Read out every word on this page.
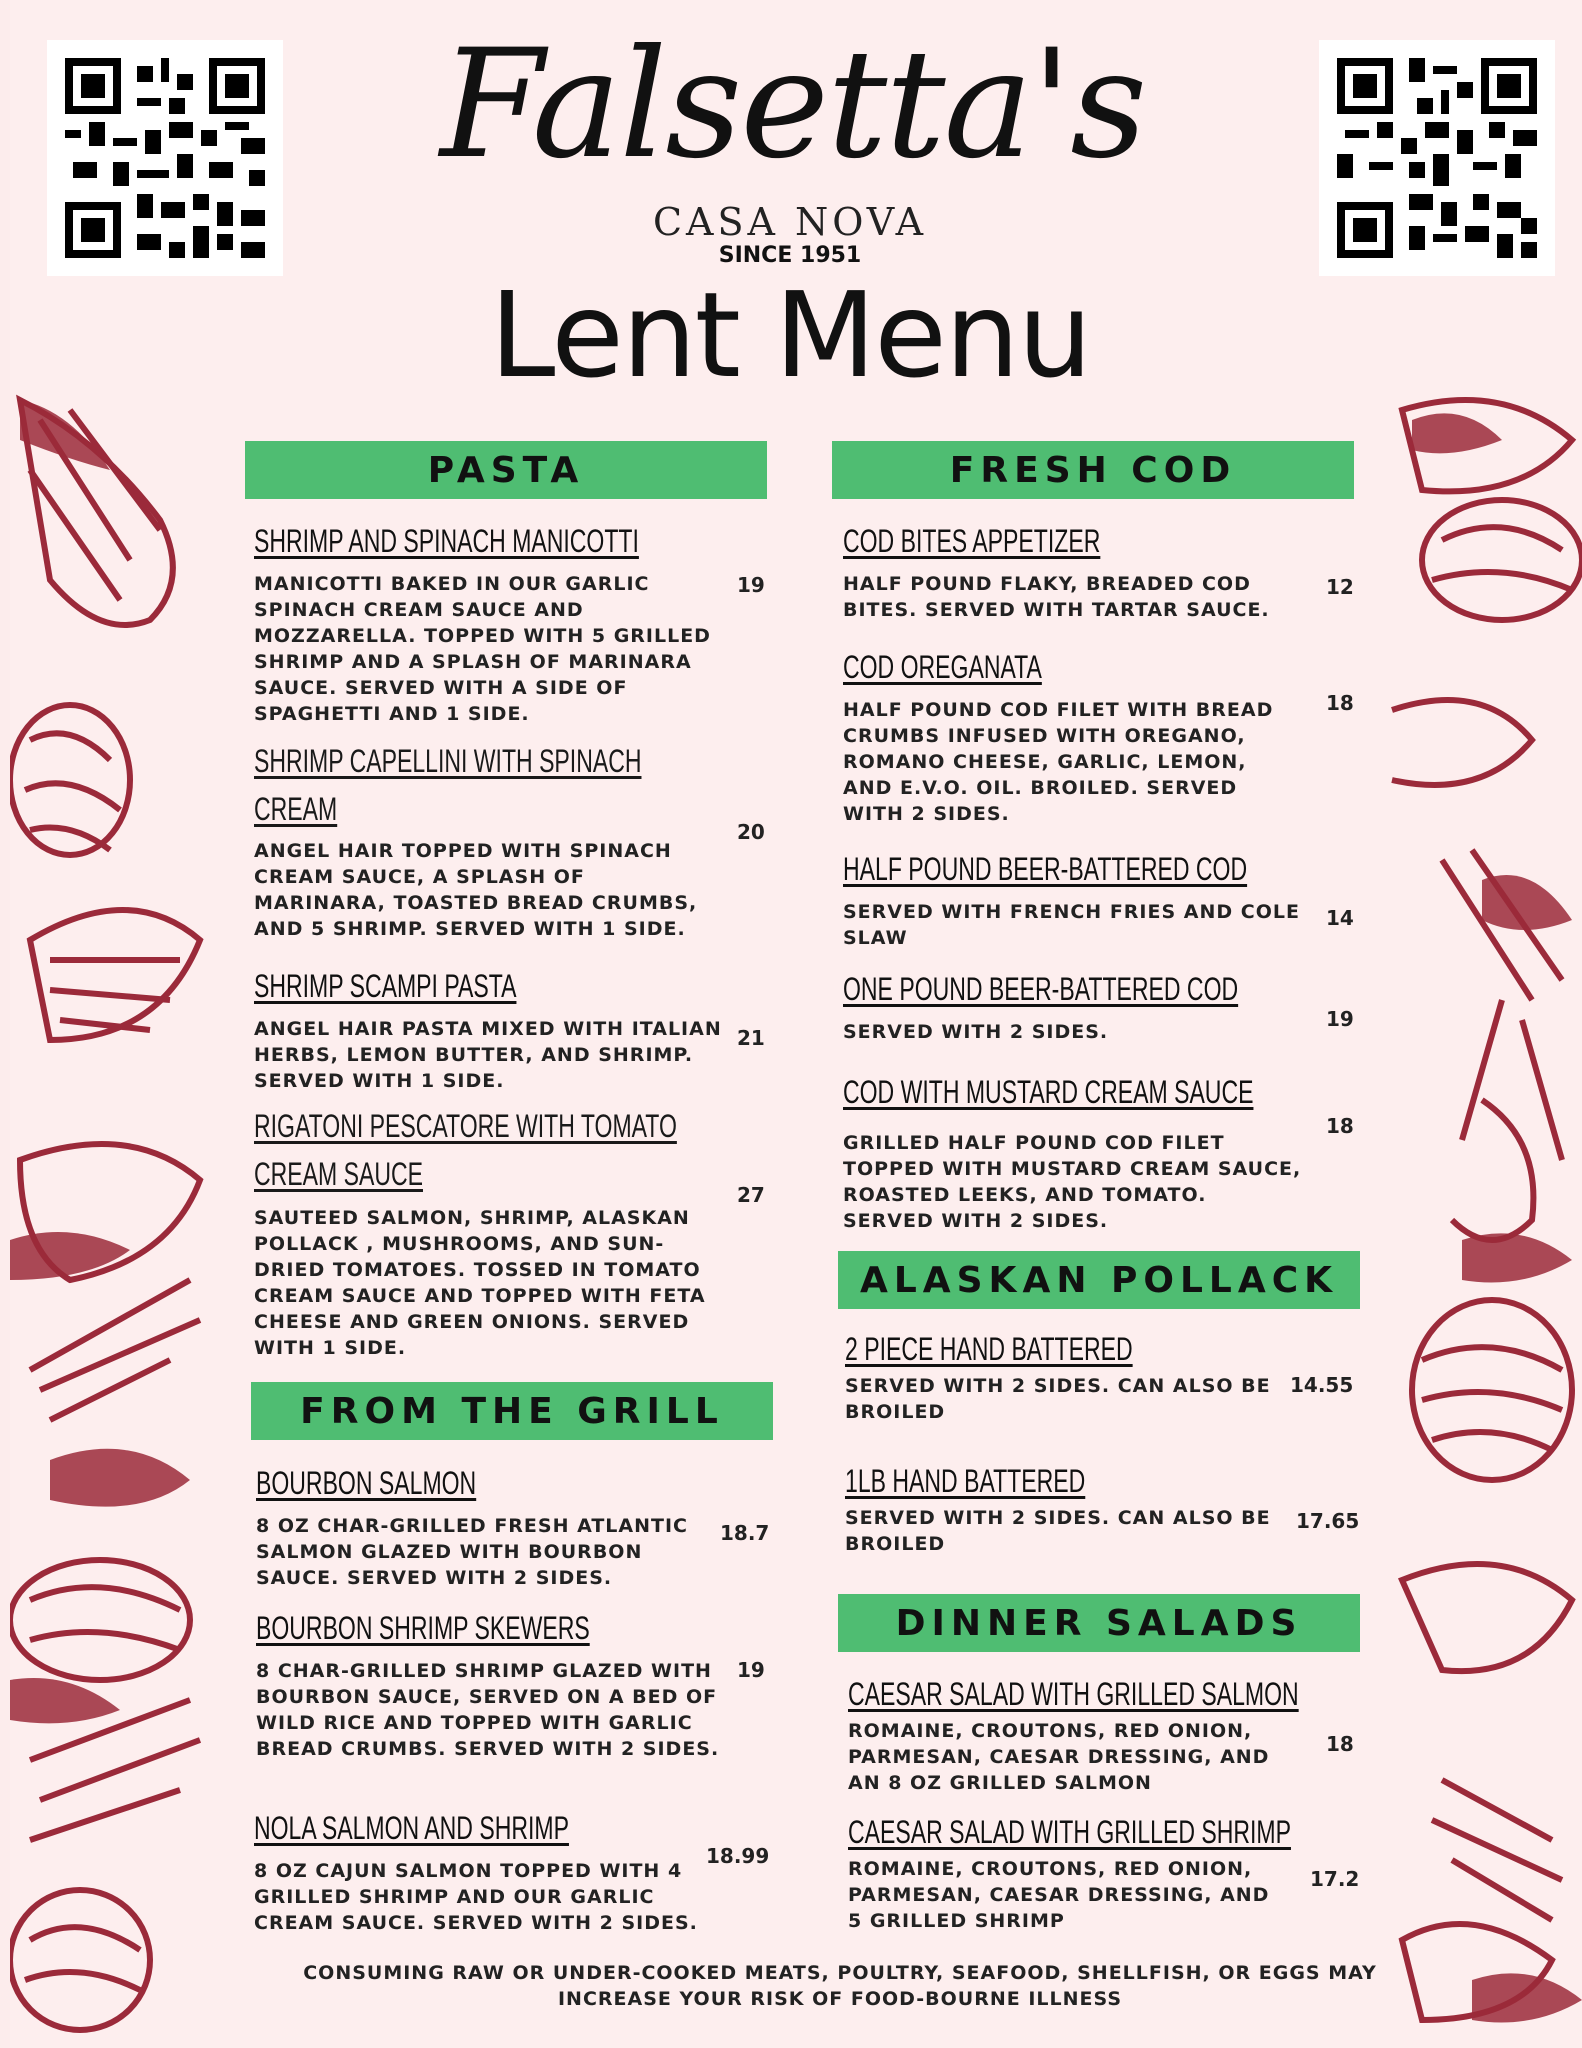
Falsetta's
CASA NOVA
SINCE 1951
Lent Menu
PASTA
SHRIMP AND SPINACH MANICOTTI
MANICOTTI BAKED IN OUR GARLIC SPINACH CREAM SAUCE AND MOZZARELLA. TOPPED WITH 5 GRILLED SHRIMP AND A SPLASH OF MARINARA SAUCE. SERVED WITH A SIDE OF SPAGHETTI AND 1 SIDE.
19
SHRIMP CAPELLINI WITH SPINACH CREAM
ANGEL HAIR TOPPED WITH SPINACH CREAM SAUCE, A SPLASH OF MARINARA, TOASTED BREAD CRUMBS, AND 5 SHRIMP. SERVED WITH 1 SIDE.
20
SHRIMP SCAMPI PASTA
ANGEL HAIR PASTA MIXED WITH ITALIAN HERBS, LEMON BUTTER, AND SHRIMP. SERVED WITH 1 SIDE.
21
RIGATONI PESCATORE WITH TOMATO CREAM SAUCE
SAUTEED SALMON, SHRIMP, ALASKAN POLLACK , MUSHROOMS, AND SUN-DRIED TOMATOES. TOSSED IN TOMATO CREAM SAUCE AND TOPPED WITH FETA CHEESE AND GREEN ONIONS. SERVED WITH 1 SIDE.
27
FROM THE GRILL
BOURBON SALMON
8 OZ CHAR-GRILLED FRESH ATLANTIC SALMON GLAZED WITH BOURBON SAUCE. SERVED WITH 2 SIDES.
18.7
BOURBON SHRIMP SKEWERS
8 CHAR-GRILLED SHRIMP GLAZED WITH BOURBON SAUCE, SERVED ON A BED OF WILD RICE AND TOPPED WITH GARLIC BREAD CRUMBS. SERVED WITH 2 SIDES.
19
NOLA SALMON AND SHRIMP
8 OZ CAJUN SALMON TOPPED WITH 4 GRILLED SHRIMP AND OUR GARLIC CREAM SAUCE. SERVED WITH 2 SIDES.
18.99
FRESH COD
COD BITES APPETIZER
HALF POUND FLAKY, BREADED COD BITES. SERVED WITH TARTAR SAUCE.
12
COD OREGANATA
HALF POUND COD FILET WITH BREAD CRUMBS INFUSED WITH OREGANO, ROMANO CHEESE, GARLIC, LEMON, AND E.V.O. OIL. BROILED. SERVED WITH 2 SIDES.
18
HALF POUND BEER-BATTERED COD
SERVED WITH FRENCH FRIES AND COLE SLAW
14
ONE POUND BEER-BATTERED COD
SERVED WITH 2 SIDES.
19
COD WITH MUSTARD CREAM SAUCE
GRILLED HALF POUND COD FILET TOPPED WITH MUSTARD CREAM SAUCE, ROASTED LEEKS, AND TOMATO. SERVED WITH 2 SIDES.
18
ALASKAN POLLACK
2 PIECE HAND BATTERED
SERVED WITH 2 SIDES. CAN ALSO BE BROILED
14.55
1LB HAND BATTERED
SERVED WITH 2 SIDES. CAN ALSO BE BROILED
17.65
DINNER SALADS
CAESAR SALAD WITH GRILLED SALMON
ROMAINE, CROUTONS, RED ONION, PARMESAN, CAESAR DRESSING, AND AN 8 OZ GRILLED SALMON
18
CAESAR SALAD WITH GRILLED SHRIMP
ROMAINE, CROUTONS, RED ONION, PARMESAN, CAESAR DRESSING, AND 5 GRILLED SHRIMP
17.2
CONSUMING RAW OR UNDER-COOKED MEATS, POULTRY, SEAFOOD, SHELLFISH, OR EGGS MAY INCREASE YOUR RISK OF FOOD-BOURNE ILLNESS
